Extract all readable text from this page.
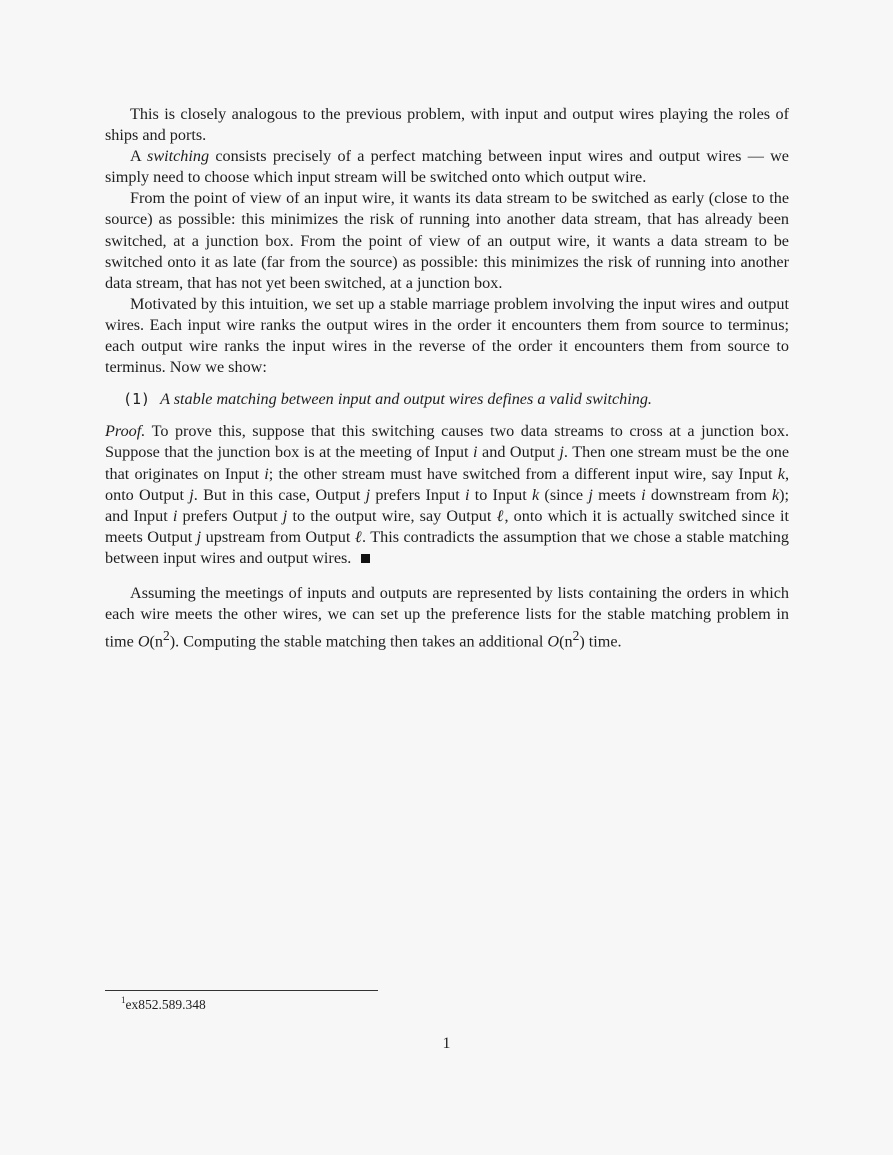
This is closely analogous to the previous problem, with input and output wires playing the roles of ships and ports.

A switching consists precisely of a perfect matching between input wires and output wires — we simply need to choose which input stream will be switched onto which output wire.

From the point of view of an input wire, it wants its data stream to be switched as early (close to the source) as possible: this minimizes the risk of running into another data stream, that has already been switched, at a junction box. From the point of view of an output wire, it wants a data stream to be switched onto it as late (far from the source) as possible: this minimizes the risk of running into another data stream, that has not yet been switched, at a junction box.

Motivated by this intuition, we set up a stable marriage problem involving the input wires and output wires. Each input wire ranks the output wires in the order it encounters them from source to terminus; each output wire ranks the input wires in the reverse of the order it encounters them from source to terminus. Now we show:

(1) A stable matching between input and output wires defines a valid switching.

Proof. To prove this, suppose that this switching causes two data streams to cross at a junction box. Suppose that the junction box is at the meeting of Input i and Output j. Then one stream must be the one that originates on Input i; the other stream must have switched from a different input wire, say Input k, onto Output j. But in this case, Output j prefers Input i to Input k (since j meets i downstream from k); and Input i prefers Output j to the output wire, say Output ℓ, onto which it is actually switched since it meets Output j upstream from Output ℓ. This contradicts the assumption that we chose a stable matching between input wires and output wires.

Assuming the meetings of inputs and outputs are represented by lists containing the orders in which each wire meets the other wires, we can set up the preference lists for the stable matching problem in time $O(n^2)$. Computing the stable matching then takes an additional $O(n^2)$ time.

$^1$ex852.589.348
1
